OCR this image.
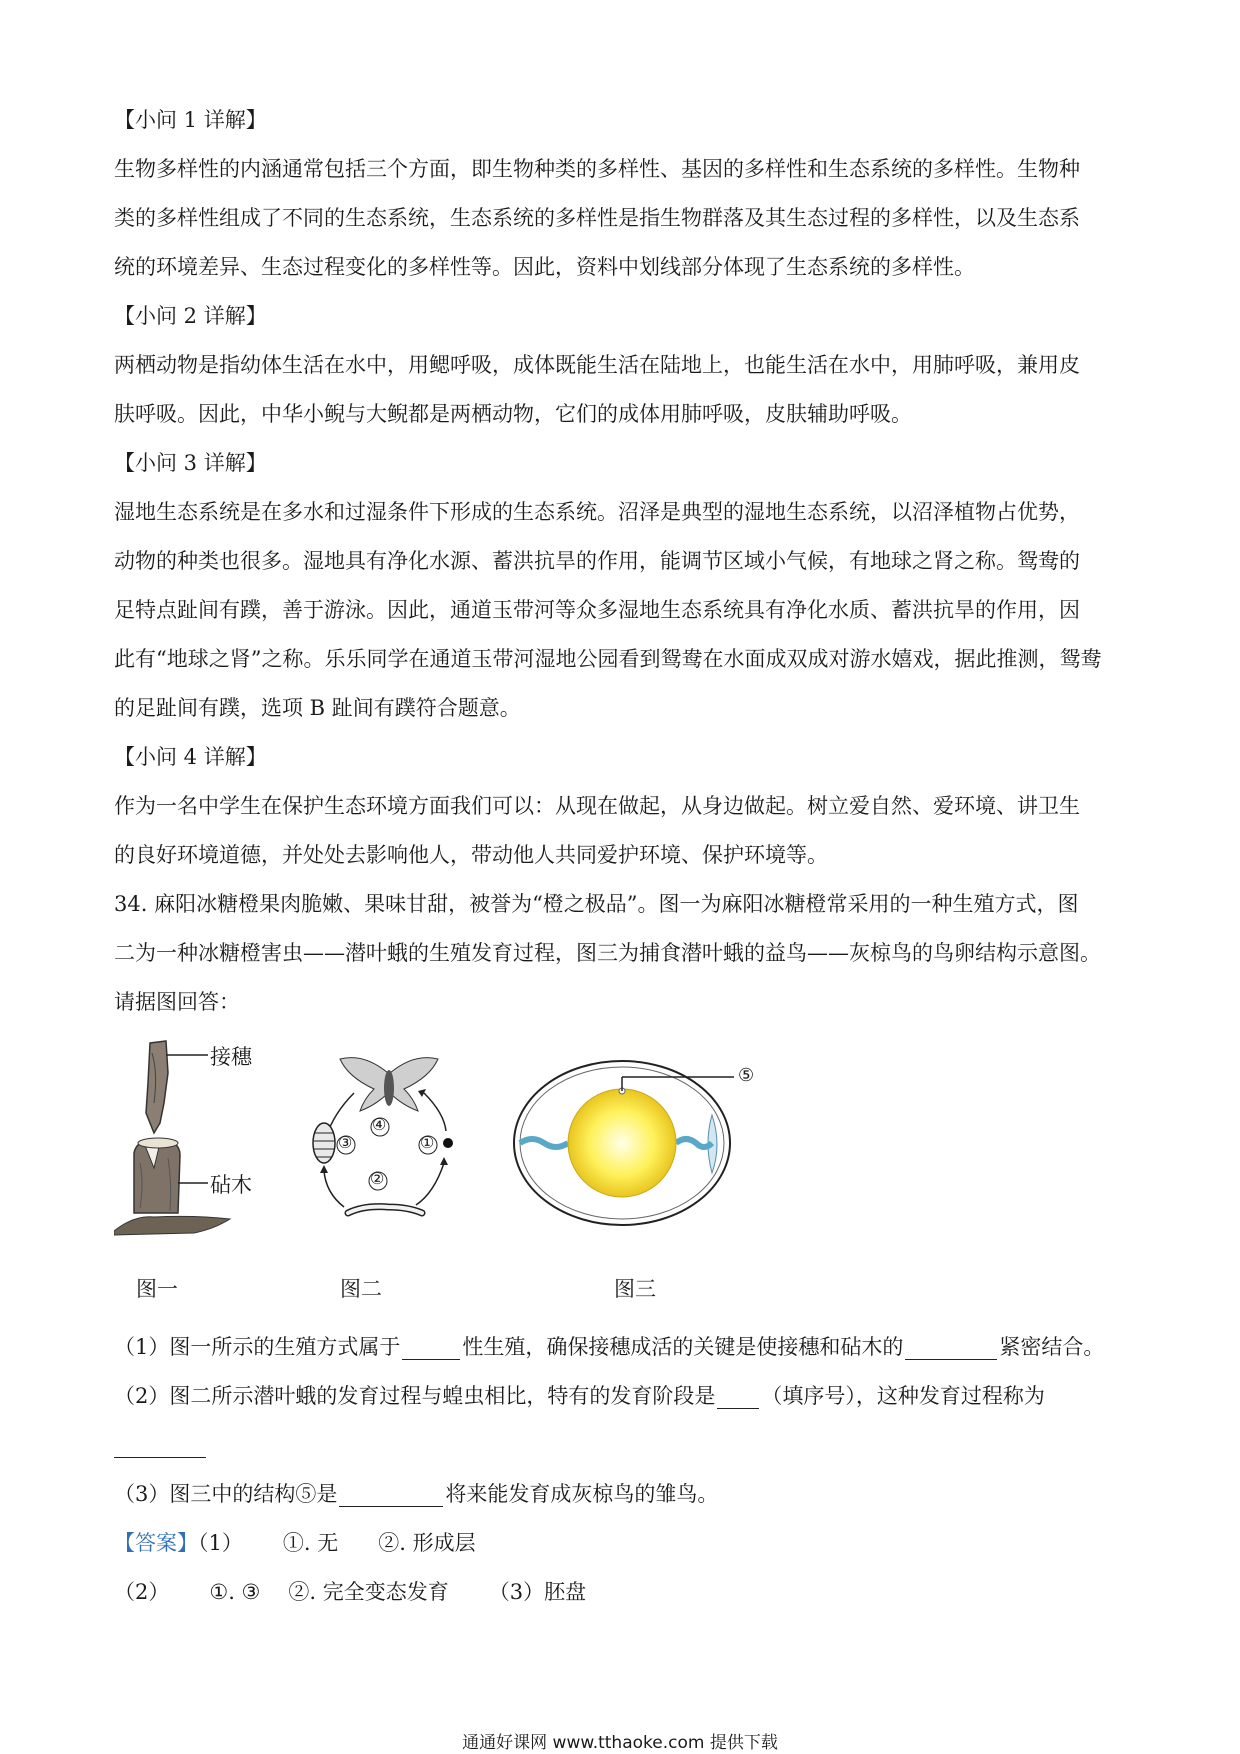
【小问 1 详解】
生物多样性的内涵通常包括三个方面，即生物种类的多样性、基因的多样性和生态系统的多样性。生物种
类的多样性组成了不同的生态系统，生态系统的多样性是指生物群落及其生态过程的多样性，以及生态系
统的环境差异、生态过程变化的多样性等。因此，资料中划线部分体现了生态系统的多样性。
【小问 2 详解】
两栖动物是指幼体生活在水中，用鳃呼吸，成体既能生活在陆地上，也能生活在水中，用肺呼吸，兼用皮
肤呼吸。因此，中华小鲵与大鲵都是两栖动物，它们的成体用肺呼吸，皮肤辅助呼吸。
【小问 3 详解】
湿地生态系统是在多水和过湿条件下形成的生态系统。沼泽是典型的湿地生态系统，以沼泽植物占优势，
动物的种类也很多。湿地具有净化水源、蓄洪抗旱的作用，能调节区域小气候，有地球之肾之称。鸳鸯的
足特点趾间有蹼，善于游泳。因此，通道玉带河等众多湿地生态系统具有净化水质、蓄洪抗旱的作用，因
此有“地球之肾”之称。乐乐同学在通道玉带河湿地公园看到鸳鸯在水面成双成对游水嬉戏，据此推测，鸳鸯
的足趾间有蹼，选项 B 趾间有蹼符合题意。
【小问 4 详解】
作为一名中学生在保护生态环境方面我们可以：从现在做起，从身边做起。树立爱自然、爱环境、讲卫生
的良好环境道德，并处处去影响他人，带动他人共同爱护环境、保护环境等。
34. 麻阳冰糖橙果肉脆嫩、果味甘甜，被誉为“橙之极品”。图一为麻阳冰糖橙常采用的一种生殖方式，图
二为一种冰糖橙害虫——潜叶蛾的生殖发育过程，图三为捕食潜叶蛾的益鸟——灰椋鸟的鸟卵结构示意图。
请据图回答：
接穗
砧木
图一
③
④
①
②
图二
⑤
图三
（1）图一所示的生殖方式属于	性生殖，确保接穗成活的关键是使接穗和砧木的	紧密结合。
（2）图二所示潜叶蛾的发育过程与蝗虫相比，特有的发育阶段是 （填序号），这种发育过程称为
（3）图三中的结构⑤是	将来能发育成灰椋鸟的雏鸟。
【答案】（1） ①. 无 ②. 形成层
（2） ①. ③ ②. 完全变态发育 （3）胚盘
通通好课网 www.tthaoke.com 提供下载
